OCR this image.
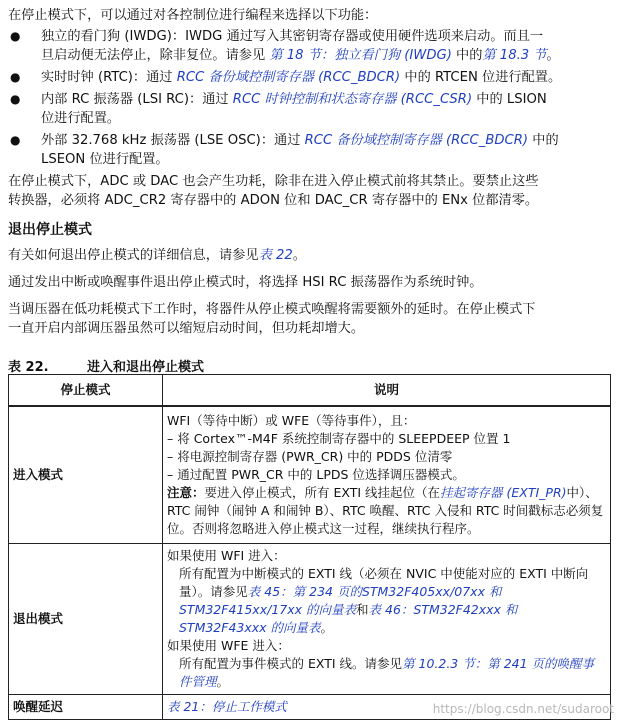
在停止模式下，可以通过对各控制位进行编程来选择以下功能：

● 独立的看门狗 (IWDG)：IWDG 通过写入其密钥寄存器或使用硬件选项来启动。而且一
旦启动便无法停止，除非复位。请参见 第 18 节：独立看门狗 (IWDG) 中的第 18.3 节。
● 实时时钟 (RTC)：通过 RCC 备份域控制寄存器 (RCC_BDCR) 中的 RTCEN 位进行配置。
● 内部 RC 振荡器 (LSI RC)：通过 RCC 时钟控制和状态寄存器 (RCC_CSR) 中的 LSION
位进行配置。
● 外部 32.768 kHz 振荡器 (LSE OSC)：通过 RCC 备份域控制寄存器 (RCC_BDCR) 中的
LSEON 位进行配置。

在停止模式下，ADC 或 DAC 也会产生功耗，除非在进入停止模式前将其禁止。要禁止这些
转换器，必须将 ADC_CR2 寄存器中的 ADON 位和 DAC_CR 寄存器中的 ENx 位都清零。

退出停止模式

有关如何退出停止模式的详细信息，请参见表 22。

通过发出中断或唤醒事件退出停止模式时，将选择 HSI RC 振荡器作为系统时钟。

当调压器在低功耗模式下工作时，将器件从停止模式唤醒将需要额外的延时。在停止模式下
一直开启内部调压器虽然可以缩短启动时间，但功耗却增大。

表 22.	进入和退出停止模式
停止模式	说明
进入模式	WFI（等待中断）或 WFE（等待事件），且：
– 将 Cortex™-M4F 系统控制寄存器中的 SLEEPDEEP 位置 1
– 将电源控制寄存器 (PWR_CR) 中的 PDDS 位清零
– 通过配置 PWR_CR 中的 LPDS 位选择调压器模式。
注意：要进入停止模式，所有 EXTI 线挂起位（在挂起寄存器 (EXTI_PR)中）、RTC 闹钟（闹钟 A 和闹钟 B）、RTC 唤醒、RTC 入侵和 RTC 时间戳标志必须复位。否则将忽略进入停止模式这一过程，继续执行程序。

退出模式	如果使用 WFI 进入：
所有配置为中断模式的 EXTI 线（必须在 NVIC 中使能对应的 EXTI 中断向量）。请参见表 45：第 234 页的STM32F405xx/07xx 和 STM32F415xx/17xx 的向量表和表 46：STM32F42xxx 和 STM32F43xxx 的向量表。
如果使用 WFE 进入：
所有配置为事件模式的 EXTI 线。请参见第 10.2.3 节：第 241 页的唤醒事件管理。

唤醒延迟	表 21：停止工作模式	https://blog.csdn.net/sudaroot
